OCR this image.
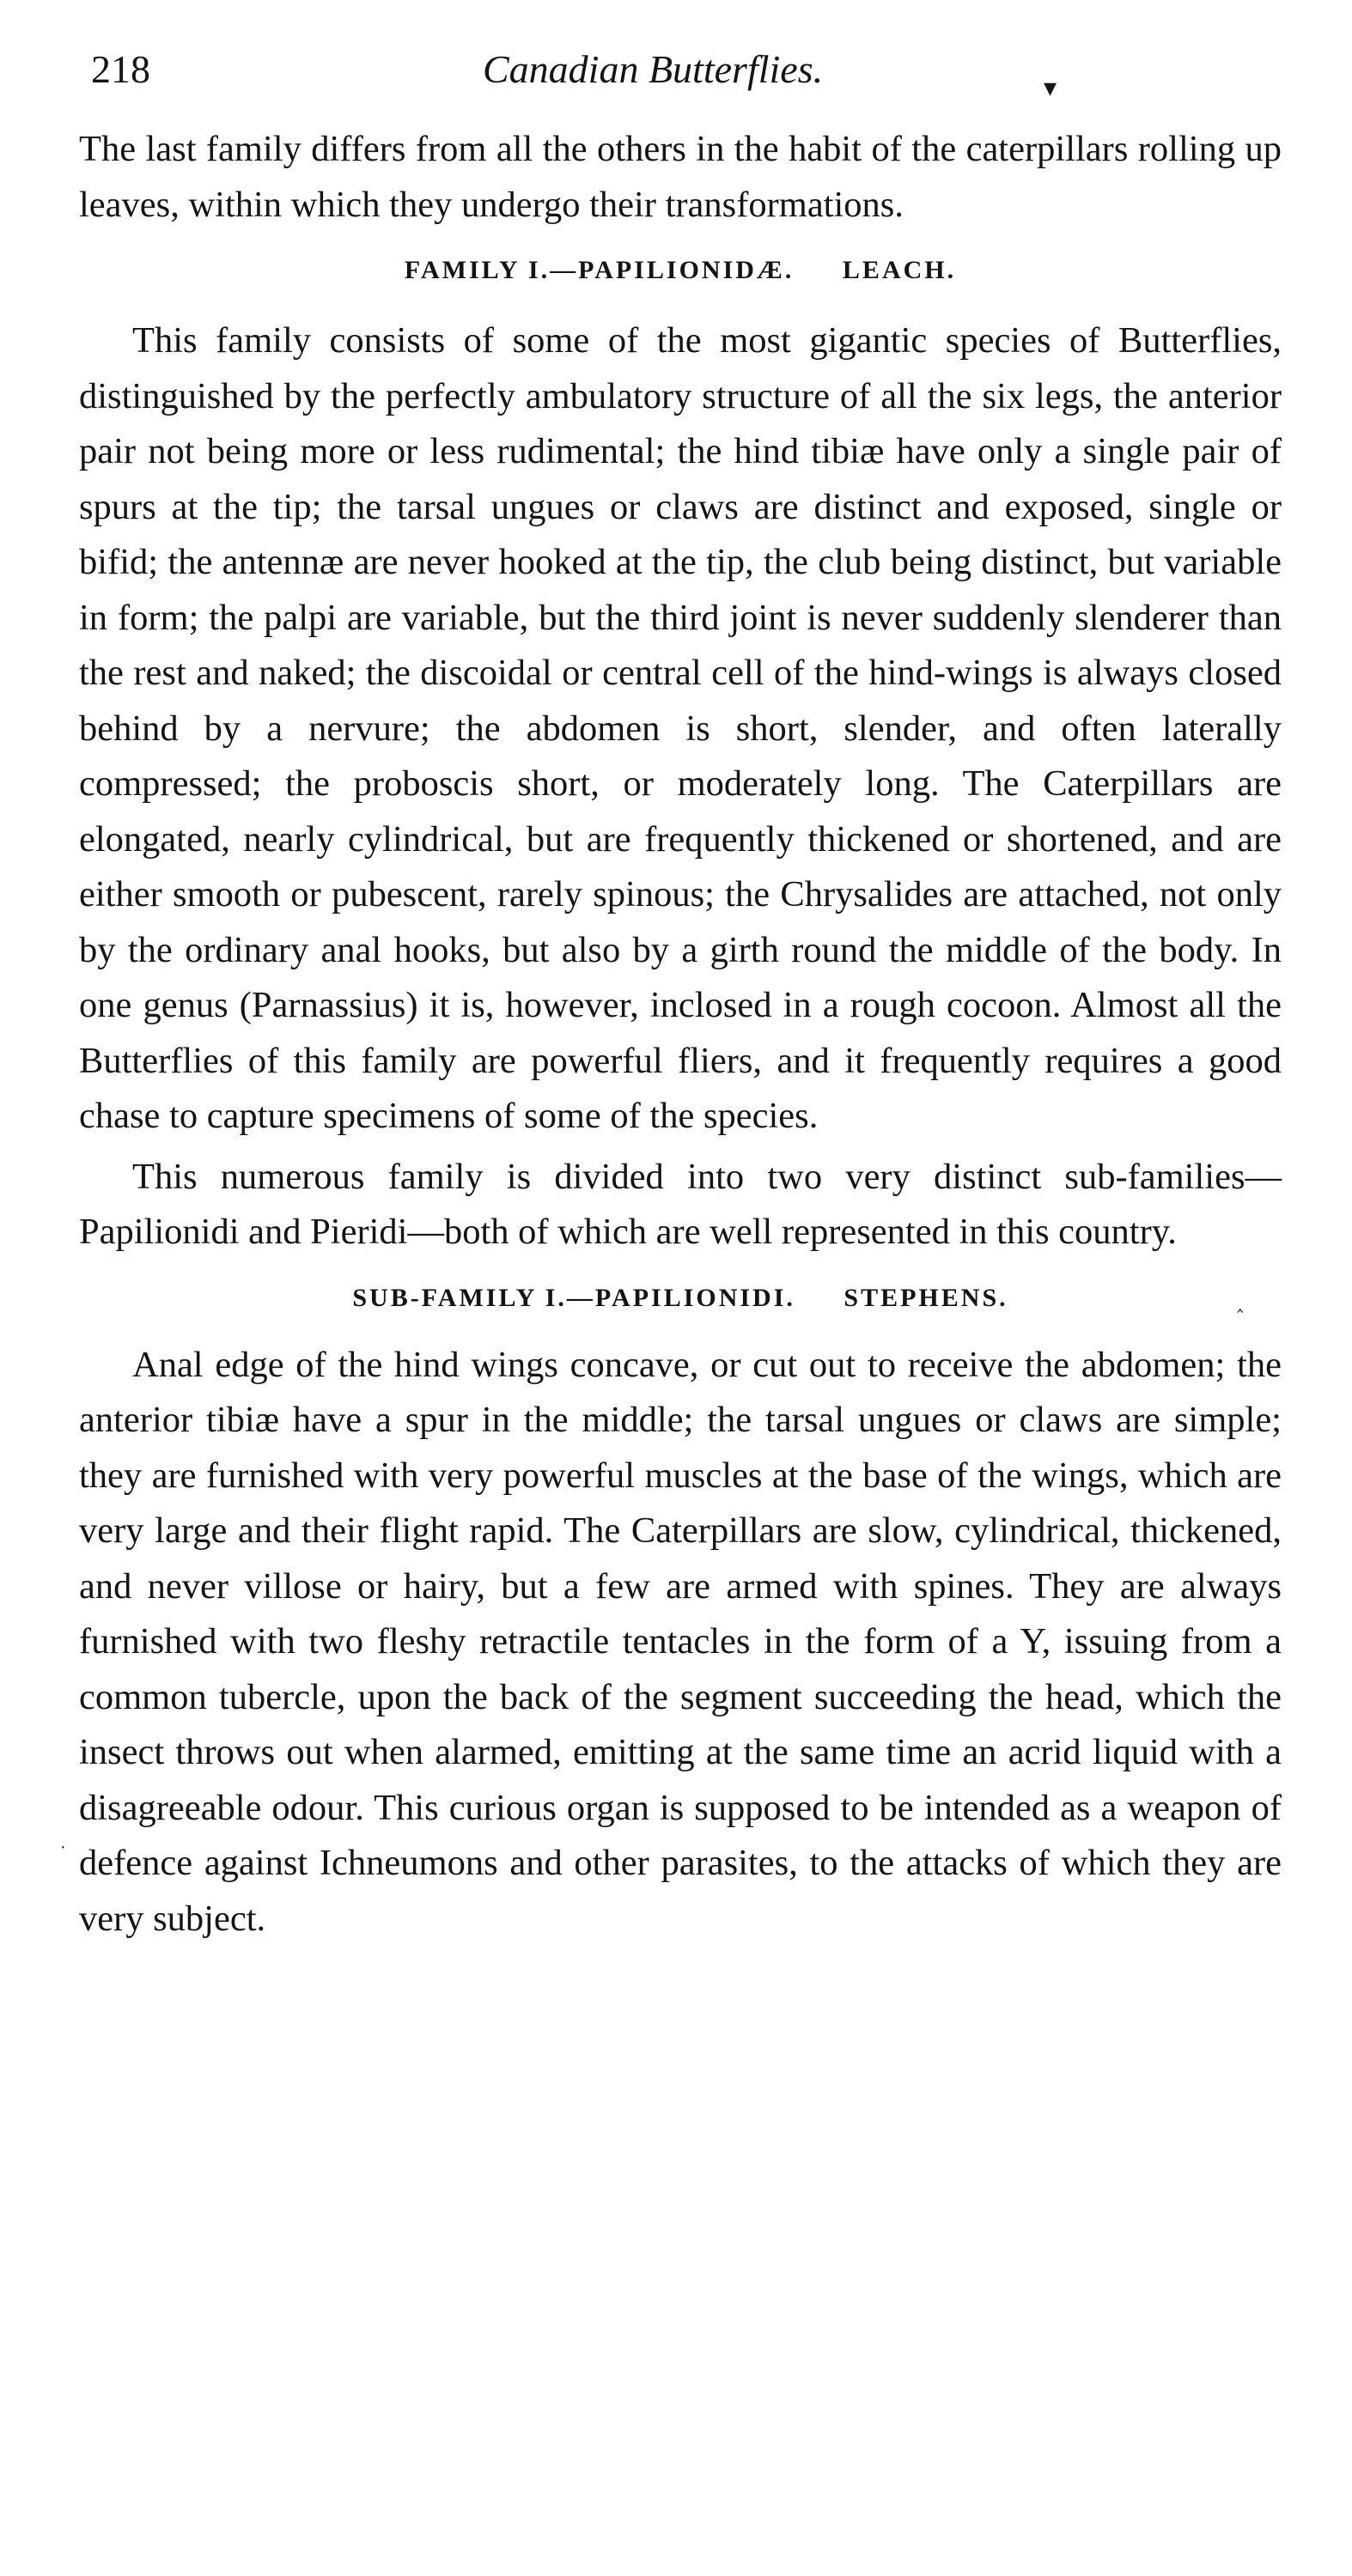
218	Canadian Butterflies.

The last family differs from all the others in the habit of the caterpillars rolling up leaves, within which they undergo their transformations.

FAMILY I.—PAPILIONIDÆ. LEACH.

This family consists of some of the most gigantic species of Butterflies, distinguished by the perfectly ambulatory structure of all the six legs, the anterior pair not being more or less rudimental; the hind tibiæ have only a single pair of spurs at the tip; the tarsal ungues or claws are distinct and exposed, single or bifid; the antennæ are never hooked at the tip, the club being distinct, but variable in form; the palpi are variable, but the third joint is never suddenly slenderer than the rest and naked; the discoidal or central cell of the hind-wings is always closed behind by a nervure; the abdomen is short, slender, and often laterally compressed; the proboscis short, or moderately long. The Caterpillars are elongated, nearly cylindrical, but are frequently thickened or shortened, and are either smooth or pubescent, rarely spinous; the Chrysalides are attached, not only by the ordinary anal hooks, but also by a girth round the middle of the body. In one genus (Parnassius) it is, however, inclosed in a rough cocoon. Almost all the Butterflies of this family are powerful fliers, and it frequently requires a good chase to capture specimens of some of the species.

This numerous family is divided into two very distinct sub-families—Papilionidi and Pieridi—both of which are well represented in this country.

SUB-FAMILY I.—PAPILIONIDI. STEPHENS.

Anal edge of the hind wings concave, or cut out to receive the abdomen; the anterior tibiæ have a spur in the middle; the tarsal ungues or claws are simple; they are furnished with very powerful muscles at the base of the wings, which are very large and their flight rapid. The Caterpillars are slow, cylindrical, thickened, and never villose or hairy, but a few are armed with spines. They are always furnished with two fleshy retractile tentacles in the form of a Y, issuing from a common tubercle, upon the back of the segment succeeding the head, which the insect throws out when alarmed, emitting at the same time an acrid liquid with a disagreeable odour. This curious organ is supposed to be intended as a weapon of defence against Ichneumons and other parasites, to the attacks of which they are very subject.

▾
‸
·
